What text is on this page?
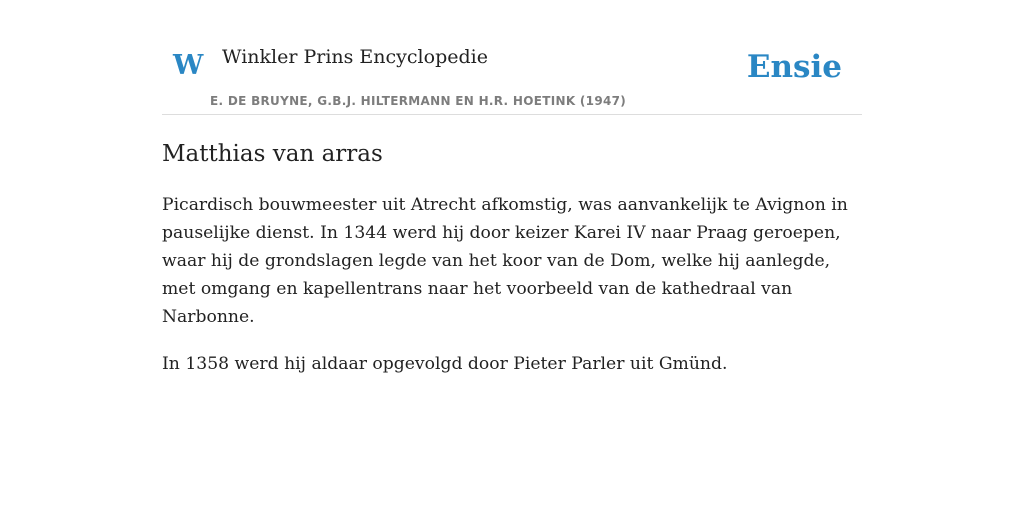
W Winkler Prins Encyclopedie
E. DE BRUYNE, G.B.J. HILTERMANN EN H.R. HOETINK (1947)
Ensie
Matthias van arras

Picardisch bouwmeester uit Atrecht afkomstig, was aanvankelijk te Avignon in pauselijke dienst. In 1344 werd hij door keizer Karei IV naar Praag geroepen, waar hij de grondslagen legde van het koor van de Dom, welke hij aanlegde, met omgang en kapellentrans naar het voorbeeld van de kathedraal van Narbonne.

In 1358 werd hij aldaar opgevolgd door Pieter Parler uit Gmünd.
